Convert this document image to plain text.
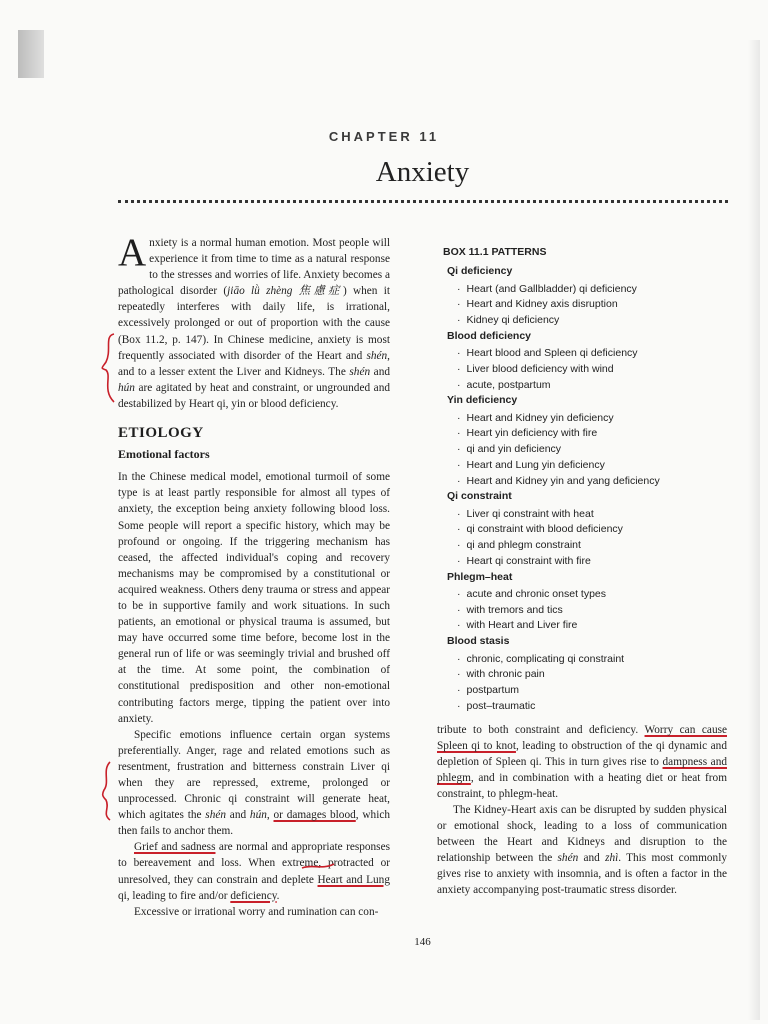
CHAPTER 11
Anxiety

Anxiety is a normal human emotion. Most people will experience it from time to time as a natural response to the stresses and worries of life. Anxiety becomes a pathological disorder (jiāo lǜ zhèng 焦慮症) when it repeatedly interferes with daily life, is irrational, excessively prolonged or out of proportion with the cause (Box 11.2, p. 147). In Chinese medicine, anxiety is most frequently associated with disorder of the Heart and shén, and to a lesser extent the Liver and Kidneys. The shén and hún are agitated by heat and constraint, or ungrounded and destabilized by Heart qi, yin or blood deficiency.

ETIOLOGY
Emotional factors

In the Chinese medical model, emotional turmoil of some type is at least partly responsible for almost all types of anxiety, the exception being anxiety following blood loss. Some people will report a specific history, which may be profound or ongoing. If the triggering mechanism has ceased, the affected individual's coping and recovery mechanisms may be compromised by a constitutional or acquired weakness. Others deny trauma or stress and appear to be in supportive family and work situations. In such patients, an emotional or physical trauma is assumed, but may have occurred some time before, become lost in the general run of life or was seemingly trivial and brushed off at the time. At some point, the combination of constitutional predisposition and other non-emotional contributing factors merge, tipping the patient over into anxiety.

Specific emotions influence certain organ systems preferentially. Anger, rage and related emotions such as resentment, frustration and bitterness constrain Liver qi when they are repressed, extreme, prolonged or unprocessed. Chronic qi constraint will generate heat, which agitates the shén and hún, or damages blood, which then fails to anchor them.

Grief and sadness are normal and appropriate responses to bereavement and loss. When extreme, protracted or unresolved, they can constrain and deplete Heart and Lung qi, leading to fire and/or deficiency.

Excessive or irrational worry and rumination can con-

BOX 11.1 PATTERNS
Qi deficiency
· Heart (and Gallbladder) qi deficiency
· Heart and Kidney axis disruption
· Kidney qi deficiency
Blood deficiency
· Heart blood and Spleen qi deficiency
· Liver blood deficiency with wind
· acute, postpartum
Yin deficiency
· Heart and Kidney yin deficiency
· Heart yin deficiency with fire
· qi and yin deficiency
· Heart and Lung yin deficiency
· Heart and Kidney yin and yang deficiency
Qi constraint
· Liver qi constraint with heat
· qi constraint with blood deficiency
· qi and phlegm constraint
· Heart qi constraint with fire
Phlegm–heat
· acute and chronic onset types
· with tremors and tics
· with Heart and Liver fire
Blood stasis
· chronic, complicating qi constraint
· with chronic pain
· postpartum
· post–traumatic

tribute to both constraint and deficiency. Worry can cause Spleen qi to knot, leading to obstruction of the qi dynamic and depletion of Spleen qi. This in turn gives rise to dampness and phlegm, and in combination with a heating diet or heat from constraint, to phlegm-heat.

The Kidney-Heart axis can be disrupted by sudden physical or emotional shock, leading to a loss of communication between the Heart and Kidneys and disruption to the relationship between the shén and zhì. This most commonly gives rise to anxiety with insomnia, and is often a factor in the anxiety accompanying post-traumatic stress disorder.

146
